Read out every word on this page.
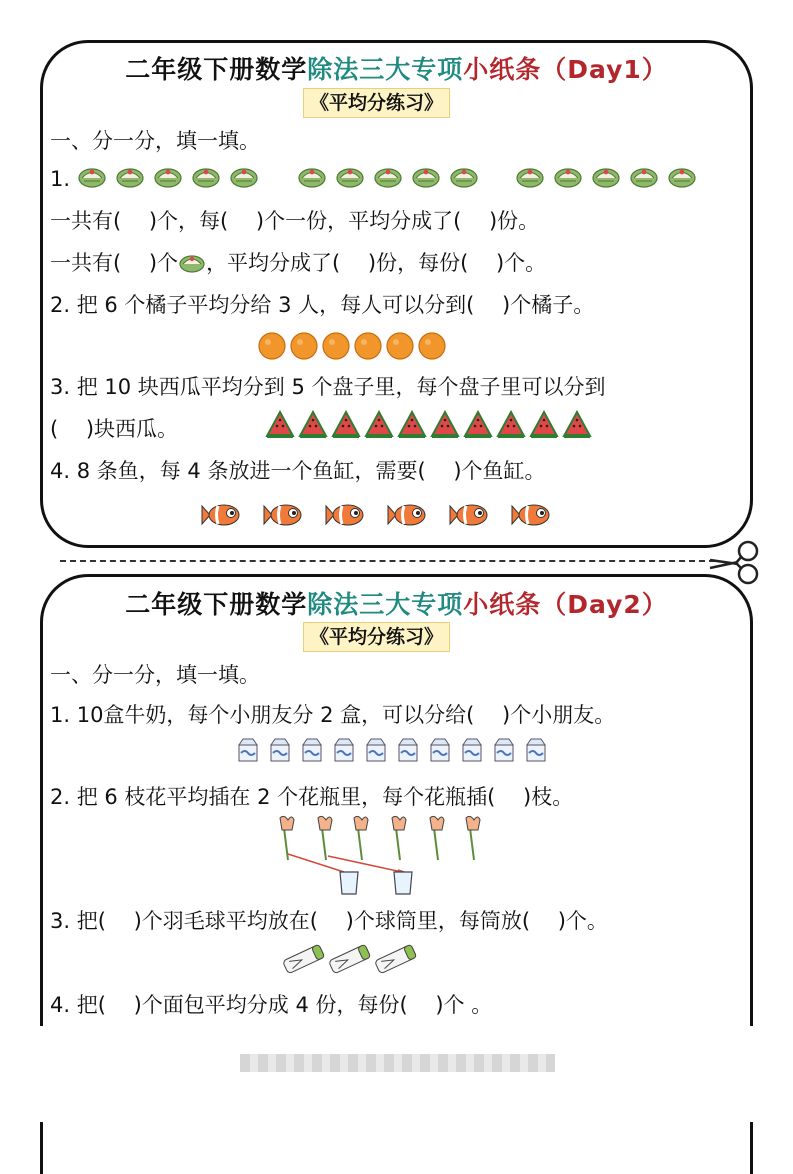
二年级下册数学除法三大专项小纸条（Day1）
《平均分练习》
一、分一分，填一填。
1.
一共有(　 )个，每(　 )个一份，平均分成了(　 )份。
一共有(　 )个 ，平均分成了(　 )份，每份(　 )个。
2. 把 6 个橘子平均分给 3 人，每人可以分到(　 )个橘子。
3. 把 10 块西瓜平均分到 5 个盘子里，每个盘子里可以分到
(　 )块西瓜。
4. 8 条鱼，每 4 条放进一个鱼缸，需要(　 )个鱼缸。
二年级下册数学除法三大专项小纸条（Day2）
《平均分练习》
一、分一分，填一填。
1. 10盒牛奶，每个小朋友分 2 盒，可以分给(　 )个小朋友。
2. 把 6 枝花平均插在 2 个花瓶里，每个花瓶插(　 )枝。
3. 把(　 )个羽毛球平均放在(　 )个球筒里，每筒放(　 )个。
4. 把(　 )个面包平均分成 4 份，每份(　 )个 。
